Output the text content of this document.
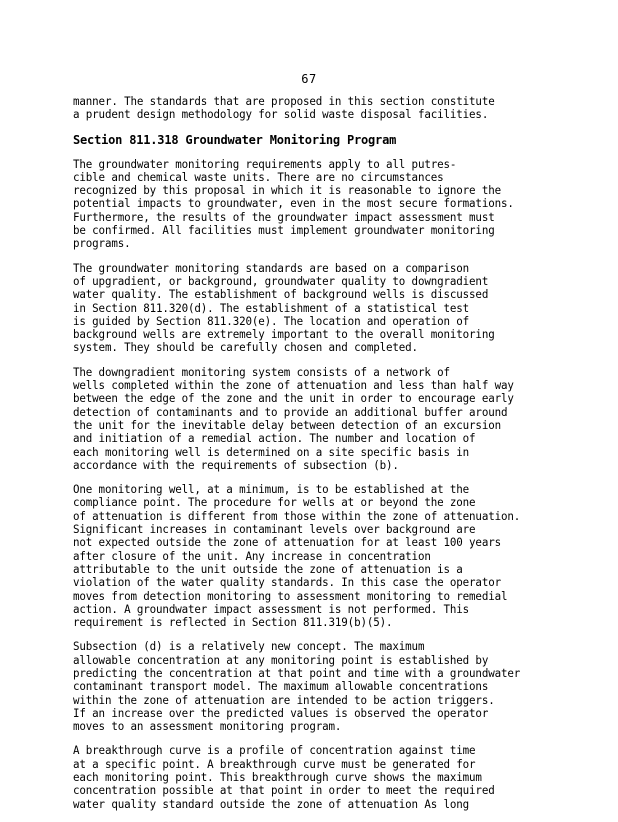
67
manner. The standards that are proposed in this section constitute
a prudent design methodology for solid waste disposal facilities.
Section 811.318 Groundwater Monitoring Program
The groundwater monitoring requirements apply to all putres-
cible and chemical waste units. There are no circumstances
recognized by this proposal in which it is reasonable to ignore the
potential impacts to groundwater, even in the most secure formations.
Furthermore, the results of the groundwater impact assessment must
be confirmed. All facilities must implement groundwater monitoring
programs.
The groundwater monitoring standards are based on a comparison
of upgradient, or background, groundwater quality to downgradient
water quality. The establishment of background wells is discussed
in Section 811.320(d). The establishment of a statistical test
is guided by Section 811.320(e). The location and operation of
background wells are extremely important to the overall monitoring
system. They should be carefully chosen and completed.
The downgradient monitoring system consists of a network of
wells completed within the zone of attenuation and less than half way
between the edge of the zone and the unit in order to encourage early
detection of contaminants and to provide an additional buffer around
the unit for the inevitable delay between detection of an excursion
and initiation of a remedial action. The number and location of
each monitoring well is determined on a site specific basis in
accordance with the requirements of subsection (b).
One monitoring well, at a minimum, is to be established at the
compliance point. The procedure for wells at or beyond the zone
of attenuation is different from those within the zone of attenuation.
Significant increases in contaminant levels over background are
not expected outside the zone of attenuation for at least 100 years
after closure of the unit. Any increase in concentration
attributable to the unit outside the zone of attenuation is a
violation of the water quality standards. In this case the operator
moves from detection monitoring to assessment monitoring to remedial
action. A groundwater impact assessment is not performed. This
requirement is reflected in Section 811.319(b)(5).
Subsection (d) is a relatively new concept. The maximum
allowable concentration at any monitoring point is established by
predicting the concentration at that point and time with a groundwater
contaminant transport model. The maximum allowable concentrations
within the zone of attenuation are intended to be action triggers.
If an increase over the predicted values is observed the operator
moves to an assessment monitoring program.
A breakthrough curve is a profile of concentration against time
at a specific point. A breakthrough curve must be generated for
each monitoring point. This breakthrough curve shows the maximum
concentration possible at that point in order to meet the required
water quality standard outside the zone of attenuation As long
